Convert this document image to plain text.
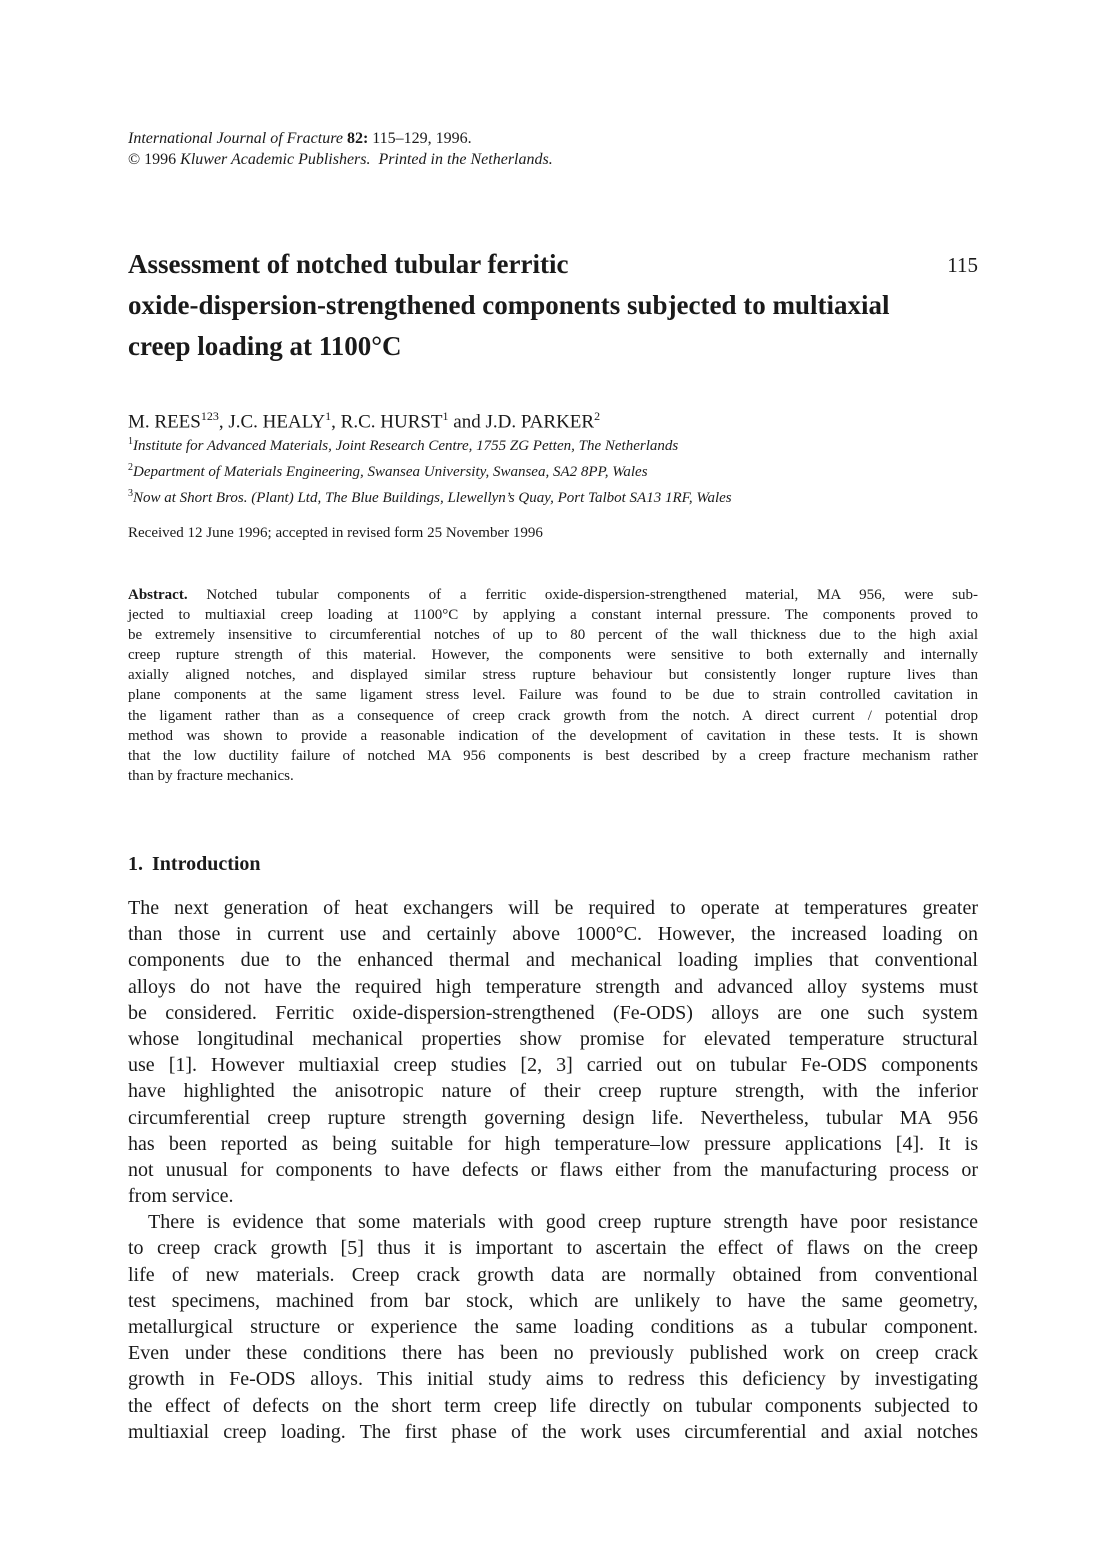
International Journal of Fracture 82: 115–129, 1996.
© 1996 Kluwer Academic Publishers. Printed in the Netherlands.
115
Assessment of notched tubular ferritic
oxide-dispersion-strengthened components subjected to multiaxial
creep loading at 1100°C
M. REES$^{123}$, J.C. HEALY$^1$, R.C. HURST$^1$ and J.D. PARKER$^2$
$^1$Institute for Advanced Materials, Joint Research Centre, 1755 ZG Petten, The Netherlands
$^2$Department of Materials Engineering, Swansea University, Swansea, SA2 8PP, Wales
$^3$Now at Short Bros. (Plant) Ltd, The Blue Buildings, Llewellyn’s Quay, Port Talbot SA13 1RF, Wales
Received 12 June 1996; accepted in revised form 25 November 1996
Abstract. Notched tubular components of a ferritic oxide-dispersion-strengthened material, MA 956, were sub-
jected to multiaxial creep loading at 1100°C by applying a constant internal pressure. The components proved to
be extremely insensitive to circumferential notches of up to 80 percent of the wall thickness due to the high axial
creep rupture strength of this material. However, the components were sensitive to both externally and internally
axially aligned notches, and displayed similar stress rupture behaviour but consistently longer rupture lives than
plane components at the same ligament stress level. Failure was found to be due to strain controlled cavitation in
the ligament rather than as a consequence of creep crack growth from the notch. A direct current / potential drop
method was shown to provide a reasonable indication of the development of cavitation in these tests. It is shown
that the low ductility failure of notched MA 956 components is best described by a creep fracture mechanism rather
than by fracture mechanics.
1. Introduction
The next generation of heat exchangers will be required to operate at temperatures greater
than those in current use and certainly above 1000°C. However, the increased loading on
components due to the enhanced thermal and mechanical loading implies that conventional
alloys do not have the required high temperature strength and advanced alloy systems must
be considered. Ferritic oxide-dispersion-strengthened (Fe-ODS) alloys are one such system
whose longitudinal mechanical properties show promise for elevated temperature structural
use [1]. However multiaxial creep studies [2, 3] carried out on tubular Fe-ODS components
have highlighted the anisotropic nature of their creep rupture strength, with the inferior
circumferential creep rupture strength governing design life. Nevertheless, tubular MA 956
has been reported as being suitable for high temperature–low pressure applications [4]. It is
not unusual for components to have defects or flaws either from the manufacturing process or
from service.
There is evidence that some materials with good creep rupture strength have poor resistance
to creep crack growth [5] thus it is important to ascertain the effect of flaws on the creep
life of new materials. Creep crack growth data are normally obtained from conventional
test specimens, machined from bar stock, which are unlikely to have the same geometry,
metallurgical structure or experience the same loading conditions as a tubular component.
Even under these conditions there has been no previously published work on creep crack
growth in Fe-ODS alloys. This initial study aims to redress this deficiency by investigating
the effect of defects on the short term creep life directly on tubular components subjected to
multiaxial creep loading. The first phase of the work uses circumferential and axial notches
